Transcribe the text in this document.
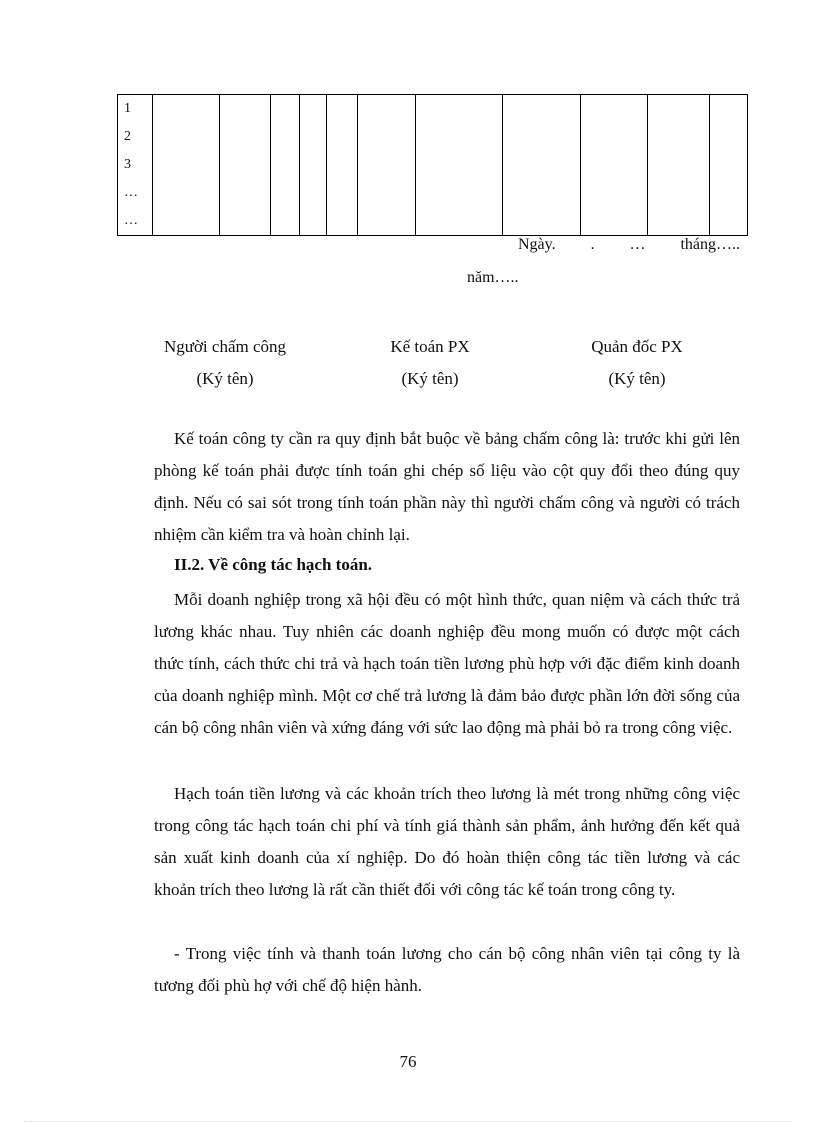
1
2
3
…
…

Ngày. . … tháng…..
năm…..
Người chấm công
(Ký tên)
Kế toán PX
(Ký tên)
Quản đốc PX
(Ký tên)

Kế toán công ty cần ra quy định bắt buộc về bảng chấm công là: trước khi gửi lên phòng kế toán phải được tính toán ghi chép số liệu vào cột quy đổi theo đúng quy định. Nếu có sai sót trong tính toán phần này thì người chấm công và người có trách nhiệm cần kiểm tra và hoàn chỉnh lại.

II.2. Về công tác hạch toán.

Mỗi doanh nghiệp trong xã hội đều có một hình thức, quan niệm và cách thức trả lương khác nhau. Tuy nhiên các doanh nghiệp đều mong muốn có được một cách thức tính, cách thức chi trả và hạch toán tiền lương phù hợp với đặc điểm kinh doanh của doanh nghiệp mình. Một cơ chế trả lương là đảm bảo được phần lớn đời sống của cán bộ công nhân viên và xứng đáng với sức lao động mà phải bỏ ra trong công việc.

Hạch toán tiền lương và các khoản trích theo lương là mét trong những công việc trong công tác hạch toán chi phí và tính giá thành sản phẩm, ảnh hưởng đến kết quả sản xuất kinh doanh của xí nghiệp. Do đó hoàn thiện công tác tiền lương và các khoản trích theo lương là rất cần thiết đối với công tác kế toán trong công ty.

- Trong việc tính và thanh toán lương cho cán bộ công nhân viên tại công ty là tương đối phù hợ với chế độ hiện hành.

76
